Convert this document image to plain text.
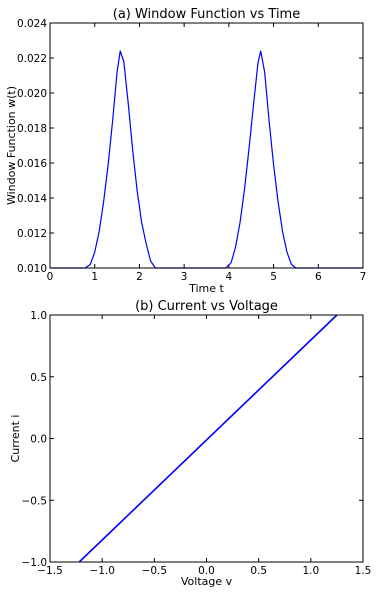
(a) Window Function vs Time
Time t
Window Function w(t)
0	1	2	3	4	5	6	7
0.010
0.012
0.014
0.016
0.018
0.020
0.022
0.024
(b) Current vs Voltage
Voltage v
Current i
−1.5	−1.0	−0.5	0.0	0.5	1.0	1.5
−1.0
−0.5
0.0
0.5
1.0
